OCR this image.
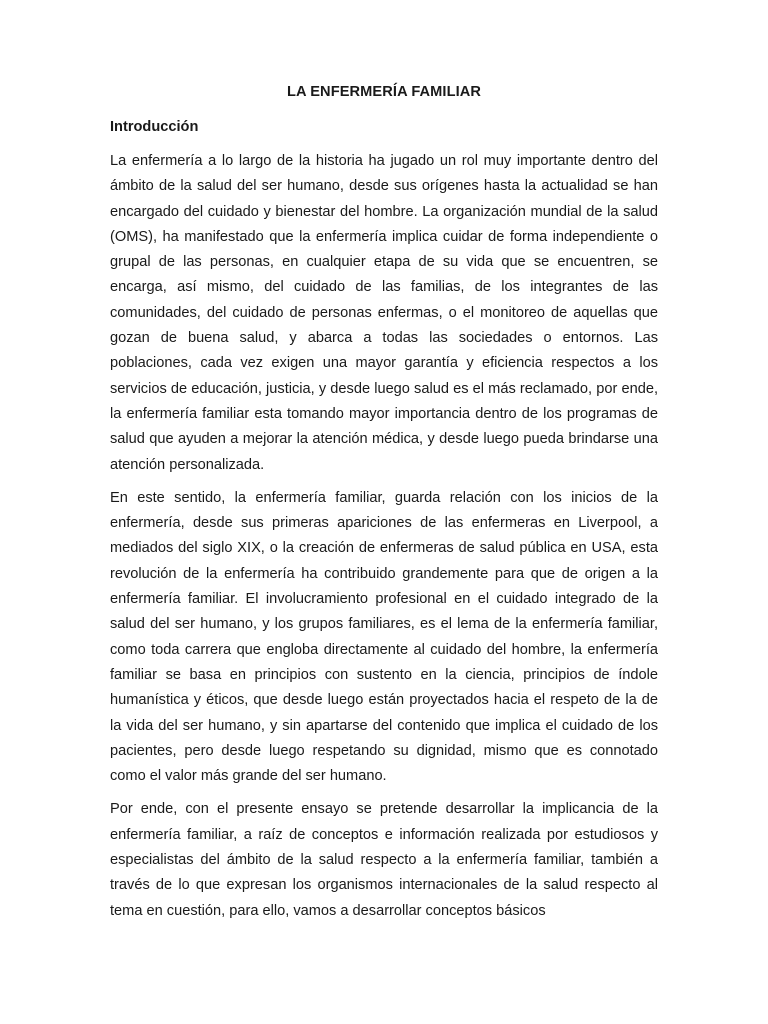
LA ENFERMERÍA FAMILIAR
Introducción

La enfermería a lo largo de la historia ha jugado un rol muy importante dentro del ámbito de la salud del ser humano, desde sus orígenes hasta la actualidad se han encargado del cuidado y bienestar del hombre. La organización mundial de la salud (OMS), ha manifestado que la enfermería implica cuidar de forma independiente o grupal de las personas, en cualquier etapa de su vida que se encuentren, se encarga, así mismo, del cuidado de las familias, de los integrantes de las comunidades, del cuidado de personas enfermas, o el monitoreo de aquellas que gozan de buena salud, y abarca a todas las sociedades o entornos. Las poblaciones, cada vez exigen una mayor garantía y eficiencia respectos a los servicios de educación, justicia, y desde luego salud es el más reclamado, por ende, la enfermería familiar esta tomando mayor importancia dentro de los programas de salud que ayuden a mejorar la atención médica, y desde luego pueda brindarse una atención personalizada.

En este sentido, la enfermería familiar, guarda relación con los inicios de la enfermería, desde sus primeras apariciones de las enfermeras en Liverpool, a mediados del siglo XIX, o la creación de enfermeras de salud pública en USA, esta revolución de la enfermería ha contribuido grandemente para que de origen a la enfermería familiar. El involucramiento profesional en el cuidado integrado de la salud del ser humano, y los grupos familiares, es el lema de la enfermería familiar, como toda carrera que engloba directamente al cuidado del hombre, la enfermería familiar se basa en principios con sustento en la ciencia, principios de índole humanística y éticos, que desde luego están proyectados hacia el respeto de la de la vida del ser humano, y sin apartarse del contenido que implica el cuidado de los pacientes, pero desde luego respetando su dignidad, mismo que es connotado como el valor más grande del ser humano.

Por ende, con el presente ensayo se pretende desarrollar la implicancia de la enfermería familiar, a raíz de conceptos e información realizada por estudiosos y especialistas del ámbito de la salud respecto a la enfermería familiar, también a través de lo que expresan los organismos internacionales de la salud respecto al tema en cuestión, para ello, vamos a desarrollar conceptos básicos
